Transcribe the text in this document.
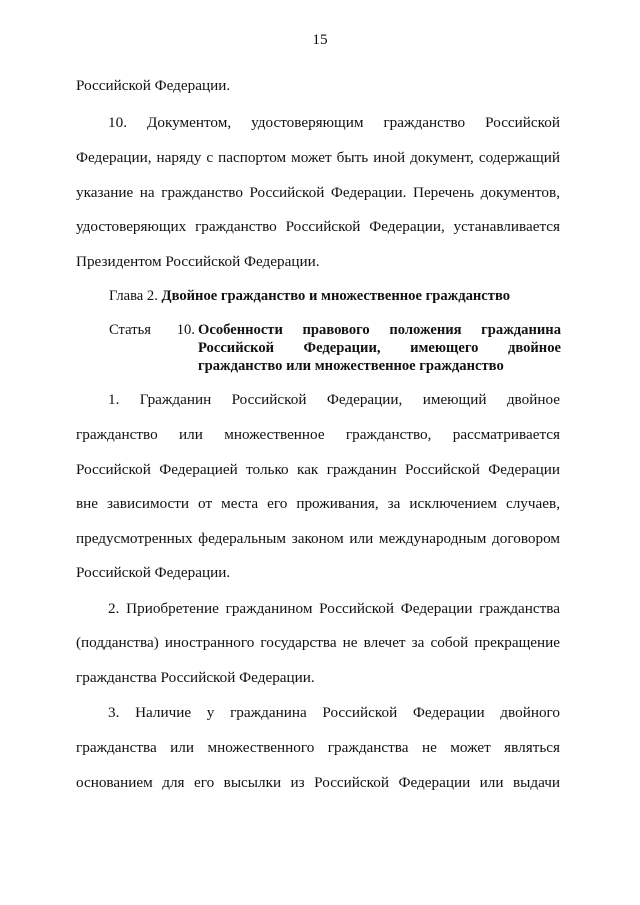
15

Российской Федерации.

10. Документом, удостоверяющим гражданство Российской

Федерации, наряду с паспортом может быть иной документ, содержащий

указание на гражданство Российской Федерации. Перечень документов,

удостоверяющих гражданство Российской Федерации, устанавливается

Президентом Российской Федерации.

Глава 2. Двойное гражданство и множественное гражданство
Статья 10. Особенности правового положения гражданина
Российской Федерации, имеющего двойное
гражданство или множественное гражданство

1. Гражданин Российской Федерации, имеющий двойное

гражданство или множественное гражданство, рассматривается

Российской Федерацией только как гражданин Российской Федерации

вне зависимости от места его проживания, за исключением случаев,

предусмотренных федеральным законом или международным договором

Российской Федерации.

2. Приобретение гражданином Российской Федерации гражданства

(подданства) иностранного государства не влечет за собой прекращение

гражданства Российской Федерации.

3. Наличие у гражданина Российской Федерации двойного

гражданства или множественного гражданства не может являться

основанием для его высылки из Российской Федерации или выдачи
